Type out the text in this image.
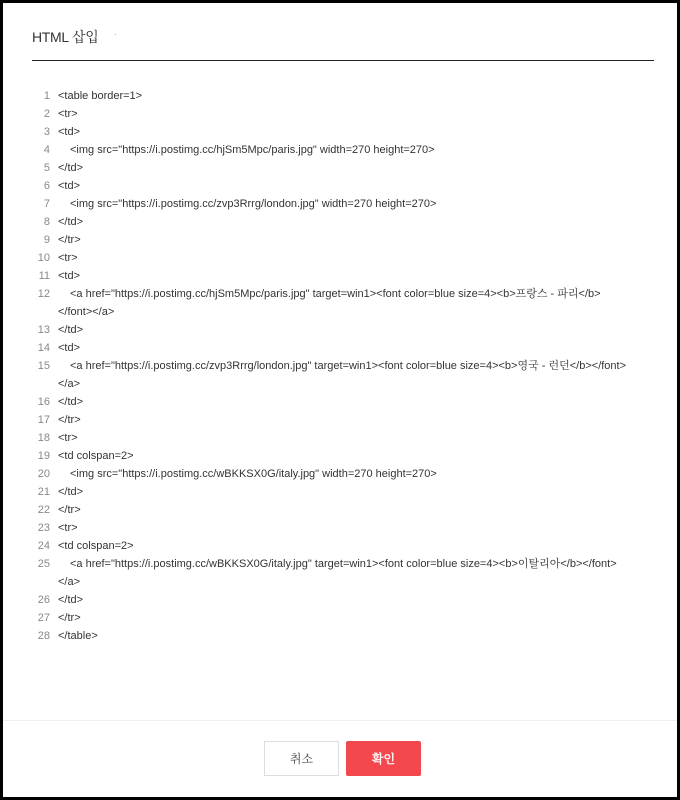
HTML 삽입 .
1 <table border=1>
2 <tr>
3 <td>
4	<img src="https://i.postimg.cc/hjSm5Mpc/paris.jpg" width=270 height=270>
5 </td>
6 <td>
7	<img src="https://i.postimg.cc/zvp3Rrrg/london.jpg" width=270 height=270>
8 </td>
9 </tr>
10 <tr>
11 <td>
12	<a href="https://i.postimg.cc/hjSm5Mpc/paris.jpg" target=win1><font color=blue size=4><b>프랑스 - 파리</b>
</font></a>
13 </td>
14 <td>
15	<a href="https://i.postimg.cc/zvp3Rrrg/london.jpg" target=win1><font color=blue size=4><b>영국 - 런던</b></font>
</a>
16 </td>
17 </tr>
18 <tr>
19 <td colspan=2>
20	<img src="https://i.postimg.cc/wBKKSX0G/italy.jpg" width=270 height=270>
21 </td>
22 </tr>
23 <tr>
24 <td colspan=2>
25	<a href="https://i.postimg.cc/wBKKSX0G/italy.jpg" target=win1><font color=blue size=4><b>이탈리아</b></font>
</a>
26 </td>
27 </tr>
28 </table>
취소	확인
